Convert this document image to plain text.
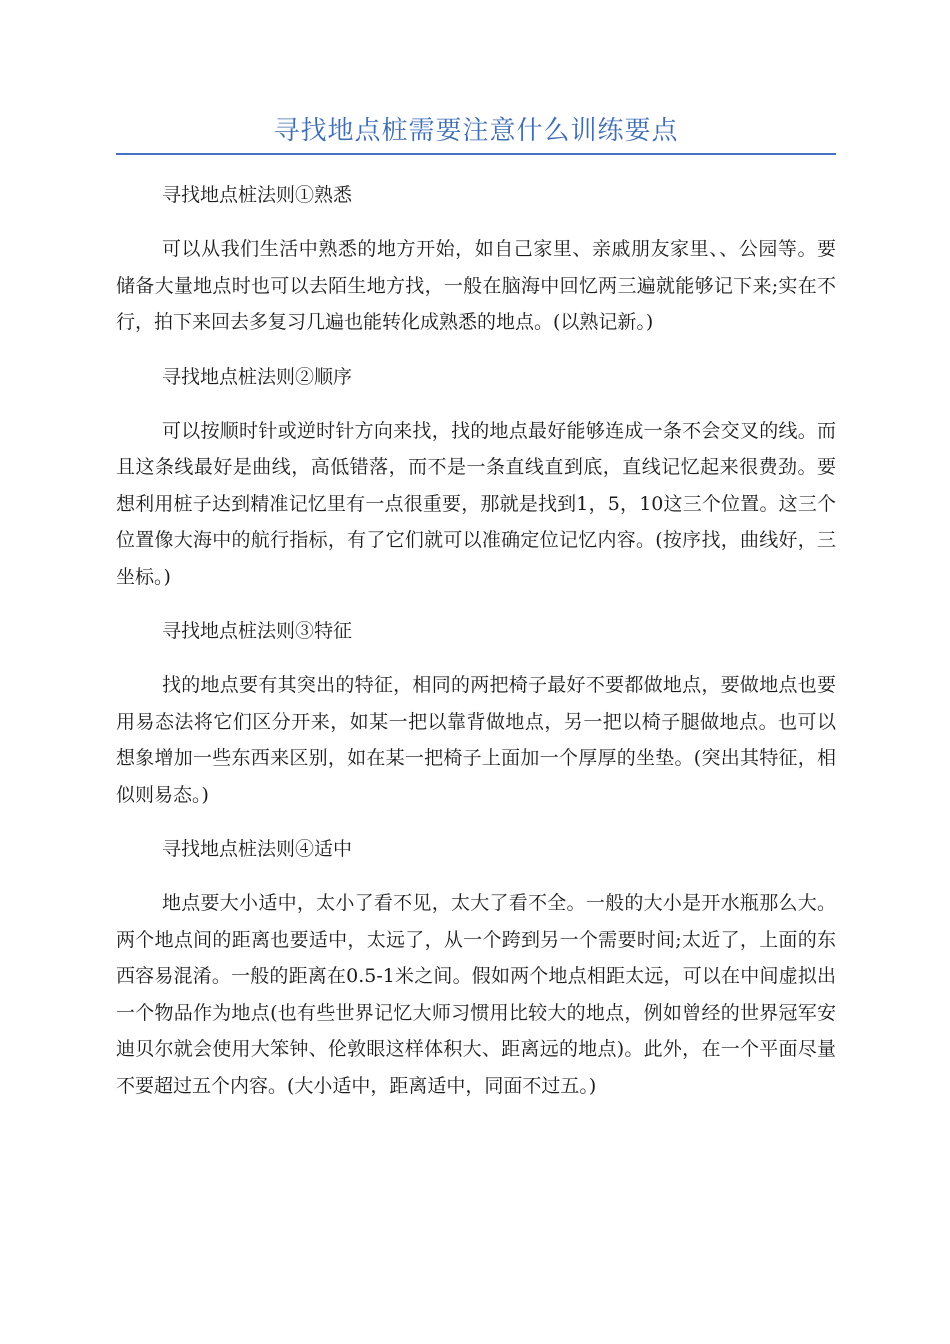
寻找地点桩需要注意什么训练要点

寻找地点桩法则①熟悉

可以从我们生活中熟悉的地方开始，如自己家里、亲戚朋友家里、、公园等。要储备大量地点时也可以去陌生地方找，一般在脑海中回忆两三遍就能够记下来;实在不行，拍下来回去多复习几遍也能转化成熟悉的地点。(以熟记新。)

寻找地点桩法则②顺序

可以按顺时针或逆时针方向来找，找的地点最好能够连成一条不会交叉的线。而且这条线最好是曲线，高低错落，而不是一条直线直到底，直线记忆起来很费劲。要想利用桩子达到精准记忆里有一点很重要，那就是找到1，5，10这三个位置。这三个位置像大海中的航行指标，有了它们就可以准确定位记忆内容。(按序找，曲线好，三坐标。)

寻找地点桩法则③特征

找的地点要有其突出的特征，相同的两把椅子最好不要都做地点，要做地点也要用易态法将它们区分开来，如某一把以靠背做地点，另一把以椅子腿做地点。也可以想象增加一些东西来区别，如在某一把椅子上面加一个厚厚的坐垫。(突出其特征，相似则易态。)

寻找地点桩法则④适中

地点要大小适中，太小了看不见，太大了看不全。一般的大小是开水瓶那么大。两个地点间的距离也要适中，太远了，从一个跨到另一个需要时间;太近了，上面的东西容易混淆。一般的距离在0.5-1米之间。假如两个地点相距太远，可以在中间虚拟出一个物品作为地点(也有些世界记忆大师习惯用比较大的地点，例如曾经的世界冠军安迪贝尔就会使用大笨钟、伦敦眼这样体积大、距离远的地点)。此外，在一个平面尽量不要超过五个内容。(大小适中，距离适中，同面不过五。)
